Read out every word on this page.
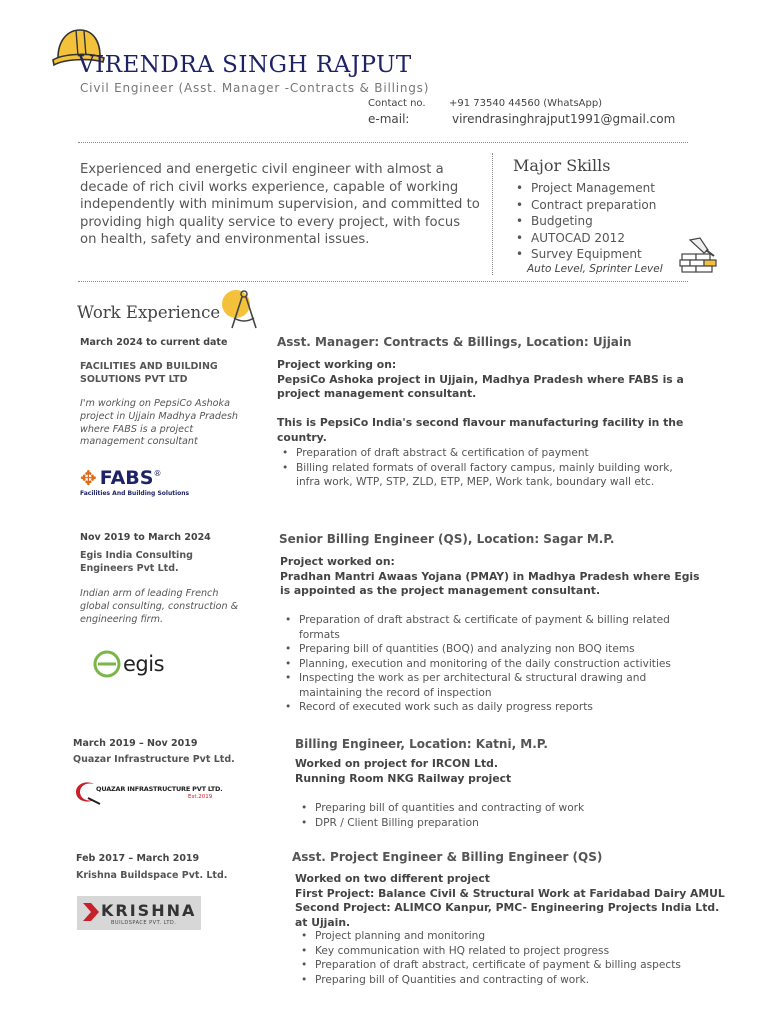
VIRENDRA SINGH RAJPUT
Civil Engineer (Asst. Manager -Contracts & Billings)
Contact no. +91 73540 44560 (WhatsApp)
e-mail:	virendrasinghrajput1991@gmail.com
Experienced and energetic civil engineer with almost a decade of rich civil works experience, capable of working independently with minimum supervision, and committed to providing high quality service to every project, with focus on health, safety and environmental issues.
Major Skills
• Project Management
• Contract preparation
• Budgeting
• AUTOCAD 2012
• Survey Equipment
Auto Level, Sprinter Level
Work Experience
March 2024 to current date
FACILITIES AND BUILDING SOLUTIONS PVT LTD
I'm working on PepsiCo Ashoka project in Ujjain Madhya Pradesh where FABS is a project management consultant
✥ FABS ®
Facilities And Building Solutions
Asst. Manager: Contracts & Billings, Location: Ujjain
Project working on:
PepsiCo Ashoka project in Ujjain, Madhya Pradesh where FABS is a project management consultant.
This is PepsiCo India's second flavour manufacturing facility in the country.
• Preparation of draft abstract & certification of payment
• Billing related formats of overall factory campus, mainly building work, infra work, WTP, STP, ZLD, ETP, MEP, Work tank, boundary wall etc.
Nov 2019 to March 2024
Egis India Consulting Engineers Pvt Ltd.
Indian arm of leading French global consulting, construction & engineering firm.
egis
Senior Billing Engineer (QS), Location: Sagar M.P.
Project worked on:
Pradhan Mantri Awaas Yojana (PMAY) in Madhya Pradesh where Egis is appointed as the project management consultant.
• Preparation of draft abstract & certificate of payment & billing related formats
• Preparing bill of quantities (BOQ) and analyzing non BOQ items
• Planning, execution and monitoring of the daily construction activities
• Inspecting the work as per architectural & structural drawing and maintaining the record of inspection
• Record of executed work such as daily progress reports
March 2019 – Nov 2019
Quazar Infrastructure Pvt Ltd.
QUAZAR INFRASTRUCTURE PVT LTD.
Est.2019
Billing Engineer, Location: Katni, M.P.
Worked on project for IRCON Ltd.
Running Room NKG Railway project
• Preparing bill of quantities and contracting of work
• DPR / Client Billing preparation
Feb 2017 – March 2019
Krishna Buildspace Pvt. Ltd.
KRISHNA
BUILDSPACE PVT. LTD.
Asst. Project Engineer & Billing Engineer (QS)
Worked on two different project
First Project: Balance Civil & Structural Work at Faridabad Dairy AMUL
Second Project: ALIMCO Kanpur, PMC- Engineering Projects India Ltd. at Ujjain.
• Project planning and monitoring
• Key communication with HQ related to project progress
• Preparation of draft abstract, certificate of payment & billing aspects
• Preparing bill of Quantities and contracting of work.
